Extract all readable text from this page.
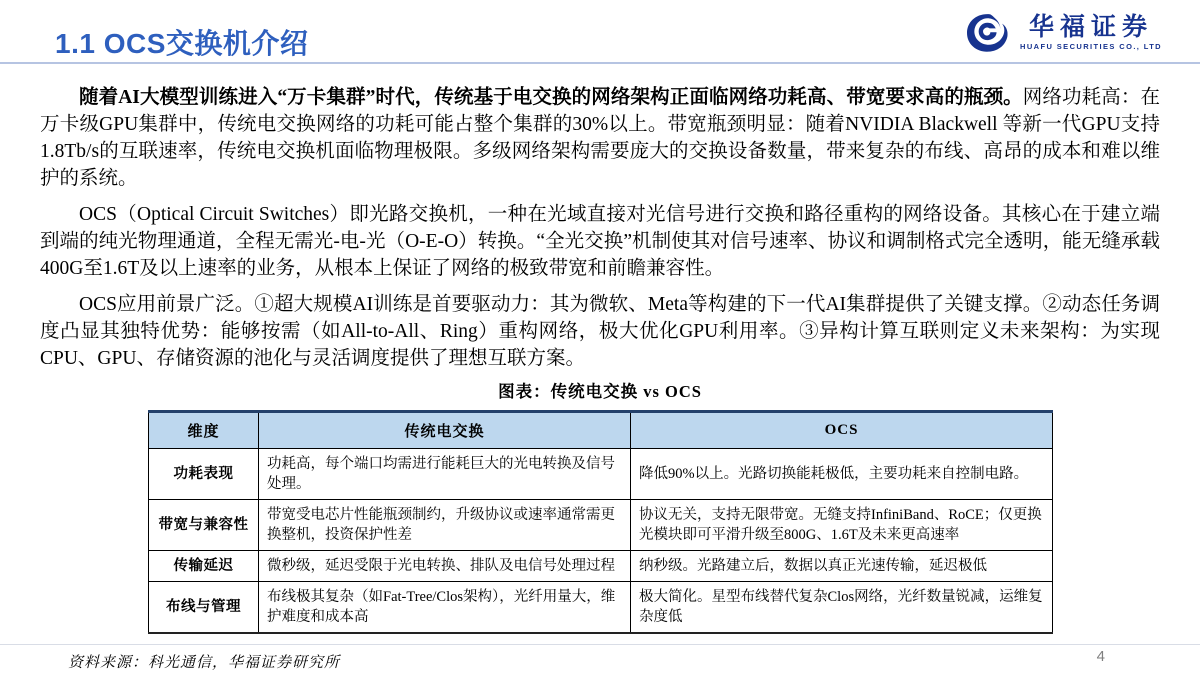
1.1 OCS交换机介绍
华福证券
HUAFU SECURITIES CO., LTD

随着AI大模型训练进入“万卡集群”时代，传统基于电交换的网络架构正面临网络功耗高、带宽要求高的瓶颈。网络功耗高：在万卡级GPU集群中，传统电交换网络的功耗可能占整个集群的30%以上。带宽瓶颈明显：随着NVIDIA Blackwell 等新一代GPU支持1.8Tb/s的互联速率，传统电交换机面临物理极限。多级网络架构需要庞大的交换设备数量，带来复杂的布线、高昂的成本和难以维护的系统。

OCS（Optical Circuit Switches）即光路交换机，一种在光域直接对光信号进行交换和路径重构的网络设备。其核心在于建立端到端的纯光物理通道，全程无需光-电-光（O-E-O）转换。“全光交换”机制使其对信号速率、协议和调制格式完全透明，能无缝承载400G至1.6T及以上速率的业务，从根本上保证了网络的极致带宽和前瞻兼容性。

OCS应用前景广泛。①超大规模AI训练是首要驱动力：其为微软、Meta等构建的下一代AI集群提供了关键支撑。②动态任务调度凸显其独特优势：能够按需（如All-to-All、Ring）重构网络，极大优化GPU利用率。③异构计算互联则定义未来架构：为实现CPU、GPU、存储资源的池化与灵活调度提供了理想互联方案。

图表：传统电交换 vs OCS
维度	传统电交换	OCS
功耗表现	功耗高，每个端口均需进行能耗巨大的光电转换及信号处理。	降低90%以上。光路切换能耗极低，主要功耗来自控制电路。
带宽与兼容性	带宽受电芯片性能瓶颈制约，升级协议或速率通常需更换整机，投资保护性差	协议无关，支持无限带宽。无缝支持InfiniBand、RoCE；仅更换光模块即可平滑升级至800G、1.6T及未来更高速率
传输延迟	微秒级，延迟受限于光电转换、排队及电信号处理过程	纳秒级。光路建立后，数据以真正光速传输，延迟极低
布线与管理	布线极其复杂（如Fat-Tree/Clos架构），光纤用量大，维护难度和成本高	极大简化。星型布线替代复杂Clos网络，光纤数量锐减，运维复杂度低
资料来源：科光通信，华福证券研究所	4
